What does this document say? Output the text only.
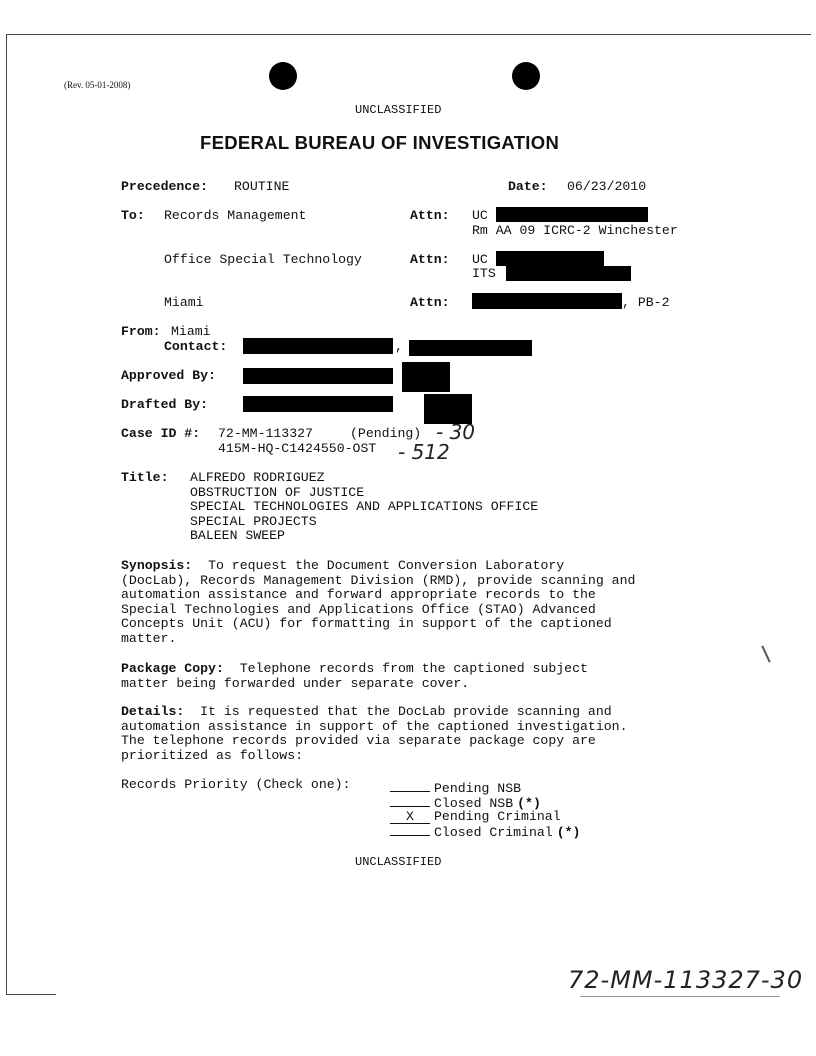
(Rev. 05-01-2008)
UNCLASSIFIED
FEDERAL BUREAU OF INVESTIGATION
Precedence: ROUTINE	Date: 06/23/2010
To: Records Management	Attn: UC
Rm AA 09 ICRC-2 Winchester
Office Special Technology	Attn: UC
ITS
Miami	Attn:	, PB-2
From: Miami
Contact:	,
Approved By:
Drafted By:
Case ID #: 72-MM-113327	(Pending) - 30
415M-HQ-C1424550-OST - 512
Title: ALFREDO RODRIGUEZ
OBSTRUCTION OF JUSTICE
SPECIAL TECHNOLOGIES AND APPLICATIONS OFFICE
SPECIAL PROJECTS
BALEEN SWEEP
Synopsis: To request the Document Conversion Laboratory
(DocLab), Records Management Division (RMD), provide scanning and
automation assistance and forward appropriate records to the
Special Technologies and Applications Office (STAO) Advanced
Concepts Unit (ACU) for formatting in support of the captioned
matter.
Package Copy: Telephone records from the captioned subject
matter being forwarded under separate cover.
Details: It is requested that the DocLab provide scanning and
automation assistance in support of the captioned investigation.
The telephone records provided via separate package copy are
prioritized as follows:
Records Priority (Check one):	Pending NSB
Closed NSB (*)
X Pending Criminal
Closed Criminal (*)
UNCLASSIFIED
72-MM-113327-30
